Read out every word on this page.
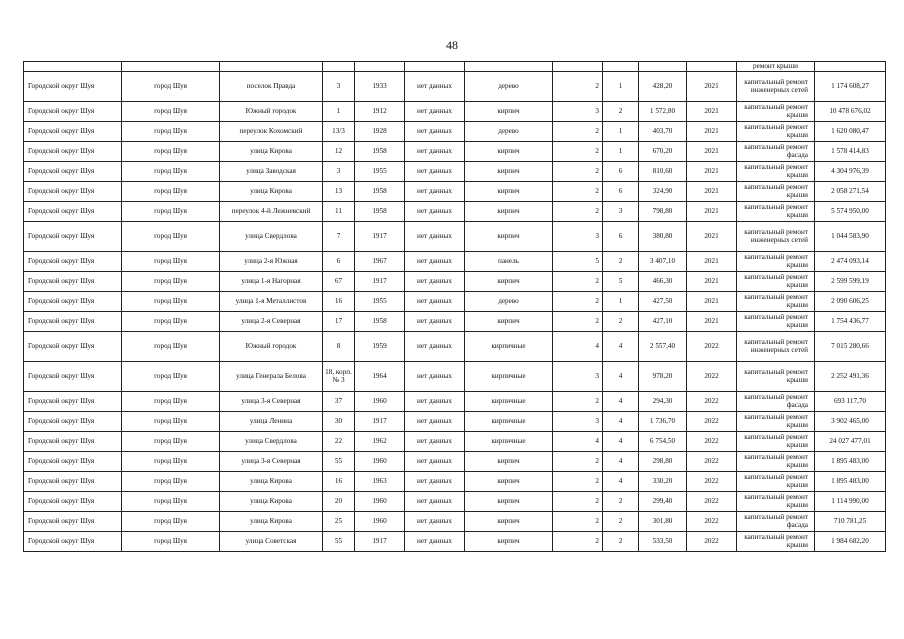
48
											ремонт крыши	
Городской округ Шуя	город Шуя	поселок Правда	3	1933	нет данных	дерево	2	1	428,20	2021	капитальный ремонт инженерных сетей	1 174 608,27
Городской округ Шуя	город Шуя	Южный городок	1	1912	нет данных	кирпич	3	2	1 572,80	2021	капитальный ремонт крыши	10 478 676,02
Городской округ Шуя	город Шуя	переулок Кохомский	13/3	1928	нет данных	дерево	2	1	403,70	2021	капитальный ремонт крыши	1 620 080,47
Городской округ Шуя	город Шуя	улица Кирова	12	1958	нет данных	кирпич	2	1	670,20	2021	капитальный ремонт фасада	1 578 414,83
Городской округ Шуя	город Шуя	улица Заводская	3	1955	нет данных	кирпич	2	6	810,60	2021	капитальный ремонт крыши	4 304 976,39
Городской округ Шуя	город Шуя	улица Кирова	13	1958	нет данных	кирпич	2	6	324,90	2021	капитальный ремонт крыши	2 058 271,54
Городской округ Шуя	город Шуя	переулок 4-й Лежневский	11	1958	нет данных	кирпич	2	3	798,80	2021	капитальный ремонт крыши	5 574 950,00
Городской округ Шуя	город Шуя	улица Свердлова	7	1917	нет данных	кирпич	3	6	380,80	2021	капитальный ремонт инженерных сетей	1 044 583,90
Городской округ Шуя	город Шуя	улица 2-я Южная	6	1967	нет данных	панель	5	2	3 407,10	2021	капитальный ремонт крыши	2 474 093,14
Городской округ Шуя	город Шуя	улица 1-я Нагорная	67	1917	нет данных	кирпич	2	5	466,30	2021	капитальный ремонт крыши	2 599 599,19
Городской округ Шуя	город Шуя	улица 1-я Металлистов	16	1955	нет данных	дерево	2	1	427,50	2021	капитальный ремонт крыши	2 090 606,25
Городской округ Шуя	город Шуя	улица 2-я Северная	17	1958	нет данных	кирпич	2	2	427,10	2021	капитальный ремонт крыши	1 754 436,77
Городской округ Шуя	город Шуя	Южный городок	8	1959	нет данных	кирпичные	4	4	2 557,40	2022	капитальный ремонт инженерных сетей	7 015 280,66
Городской округ Шуя	город Шуя	улица Генерала Белова	18, корп. № 3	1964	нет данных	кирпичные	3	4	978,20	2022	капитальный ремонт крыши	2 252 491,36
Городской округ Шуя	город Шуя	улица 3-я Северная	37	1960	нет данных	кирпичные	2	4	294,30	2022	капитальный ремонт фасада	693 117,70
Городской округ Шуя	город Шуя	улица Ленина	30	1917	нет данных	кирпичные	3	4	1 736,70	2022	капитальный ремонт крыши	3 902 465,00
Городской округ Шуя	город Шуя	улица Свердлова	22	1962	нет данных	кирпичные	4	4	6 754,50	2022	капитальный ремонт крыши	24 027 477,01
Городской округ Шуя	город Шуя	улица 3-я Северная	55	1960	нет данных	кирпич	2	4	298,80	2022	капитальный ремонт крыши	1 895 483,00
Городской округ Шуя	город Шуя	улица Кирова	16	1963	нет данных	кирпич	2	4	330,20	2022	капитальный ремонт крыши	1 895 483,00
Городской округ Шуя	город Шуя	улица Кирова	20	1960	нет данных	кирпич	2	2	299,40	2022	капитальный ремонт крыши	1 114 990,00
Городской округ Шуя	город Шуя	улица Кирова	25	1960	нет данных	кирпич	2	2	301,80	2022	капитальный ремонт фасада	710 781,25
Городской округ Шуя	город Шуя	улица Советская	55	1917	нет данных	кирпич	2	2	533,50	2022	капитальный ремонт крыши	1 984 682,20
